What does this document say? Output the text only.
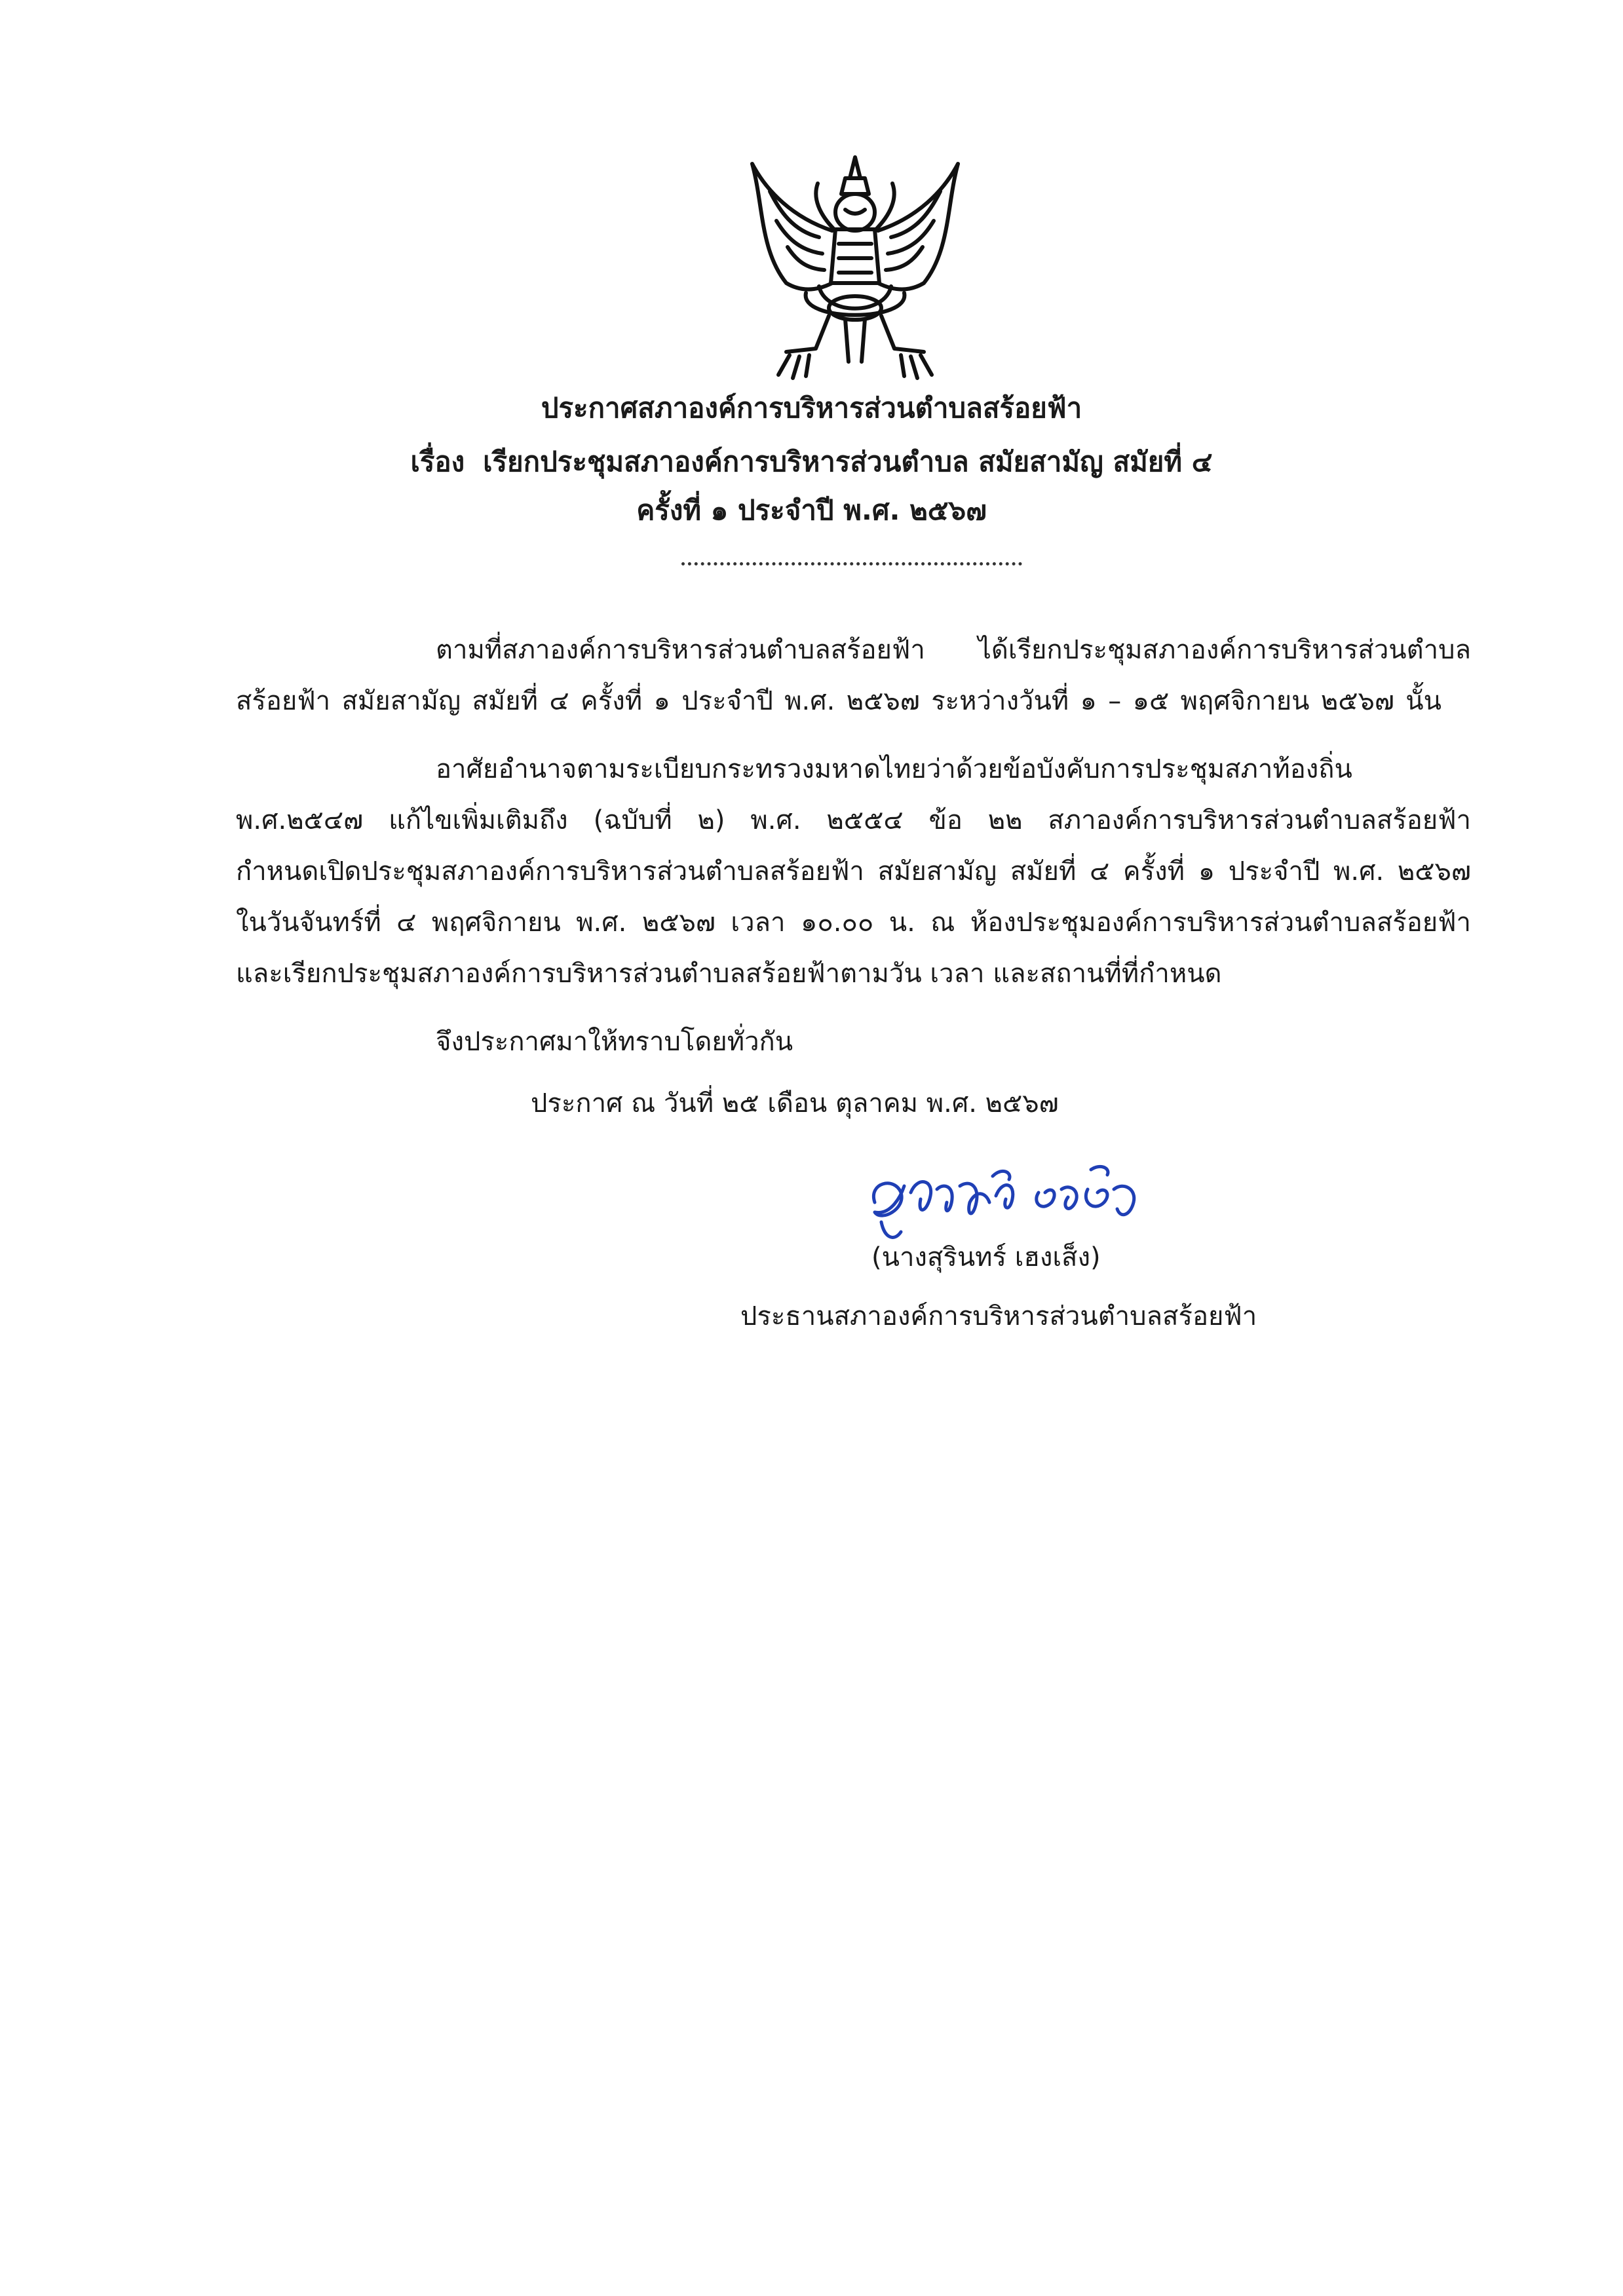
ประกาศสภาองค์การบริหารส่วนตำบลสร้อยฟ้า
เรื่อง เรียกประชุมสภาองค์การบริหารส่วนตำบล สมัยสามัญ สมัยที่ ๔
ครั้งที่ ๑ ประจำปี พ.ศ. ๒๕๖๗
ตามที่สภาองค์การบริหารส่วนตำบลสร้อยฟ้า ได้เรียกประชุมสภาองค์การบริหารส่วนตำบล
สร้อยฟ้า สมัยสามัญ สมัยที่ ๔ ครั้งที่ ๑ ประจำปี พ.ศ. ๒๕๖๗ ระหว่างวันที่ ๑ – ๑๕ พฤศจิกายน ๒๕๖๗ นั้น
อาศัยอำนาจตามระเบียบกระทรวงมหาดไทยว่าด้วยข้อบังคับการประชุมสภาท้องถิ่น
พ.ศ.๒๕๔๗ แก้ไขเพิ่มเติมถึง (ฉบับที่ ๒) พ.ศ. ๒๕๕๔ ข้อ ๒๒ สภาองค์การบริหารส่วนตำบลสร้อยฟ้า
กำหนดเปิดประชุมสภาองค์การบริหารส่วนตำบลสร้อยฟ้า สมัยสามัญ สมัยที่ ๔ ครั้งที่ ๑ ประจำปี พ.ศ. ๒๕๖๗
ในวันจันทร์ที่ ๔ พฤศจิกายน พ.ศ. ๒๕๖๗ เวลา ๑๐.๐๐ น. ณ ห้องประชุมองค์การบริหารส่วนตำบลสร้อยฟ้า
และเรียกประชุมสภาองค์การบริหารส่วนตำบลสร้อยฟ้าตามวัน เวลา และสถานที่ที่กำหนด
จึงประกาศมาให้ทราบโดยทั่วกัน
ประกาศ ณ วันที่ ๒๕ เดือน ตุลาคม พ.ศ. ๒๕๖๗
(นางสุรินทร์ เฮงเส็ง)
ประธานสภาองค์การบริหารส่วนตำบลสร้อยฟ้า
